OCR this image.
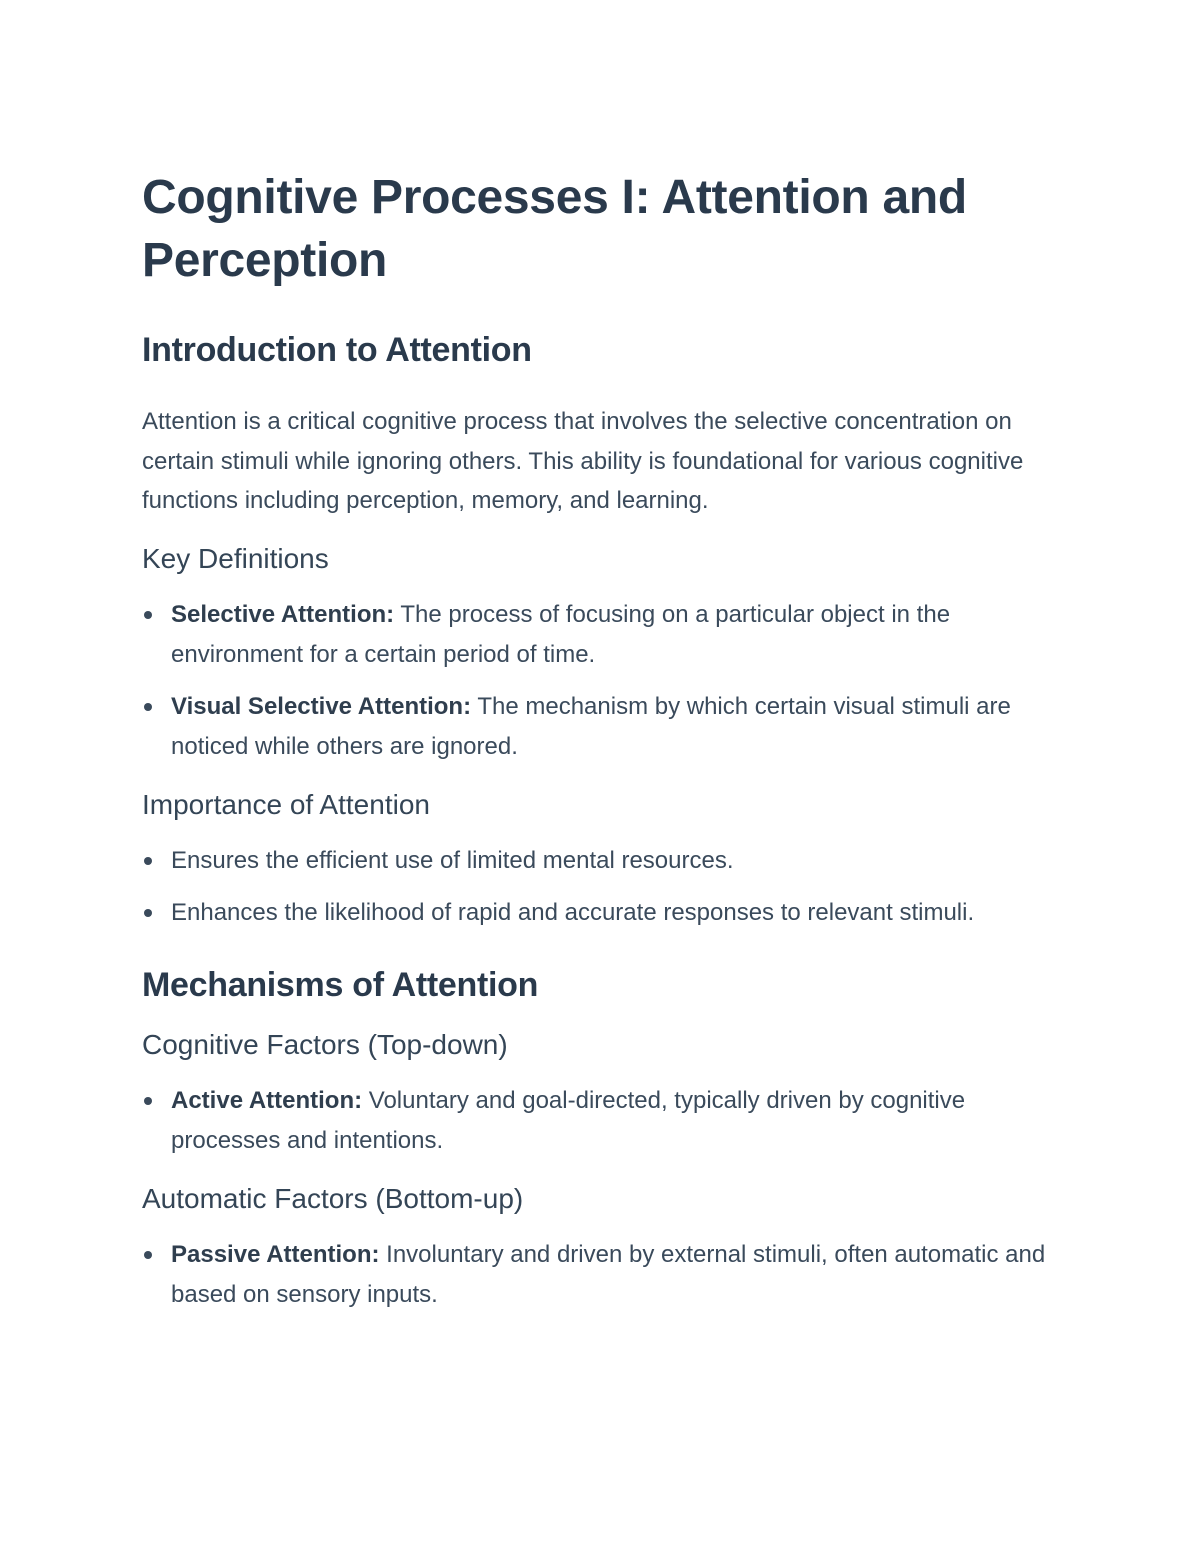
Cognitive Processes I: Attention and Perception
Introduction to Attention

Attention is a critical cognitive process that involves the selective concentration on certain stimuli while ignoring others. This ability is foundational for various cognitive functions including perception, memory, and learning.

Key Definitions
Selective Attention: The process of focusing on a particular object in the environment for a certain period of time.
Visual Selective Attention: The mechanism by which certain visual stimuli are noticed while others are ignored.
Importance of Attention
Ensures the efficient use of limited mental resources.
Enhances the likelihood of rapid and accurate responses to relevant stimuli.
Mechanisms of Attention
Cognitive Factors (Top-down)
Active Attention: Voluntary and goal-directed, typically driven by cognitive processes and intentions.
Automatic Factors (Bottom-up)
Passive Attention: Involuntary and driven by external stimuli, often automatic and based on sensory inputs.
